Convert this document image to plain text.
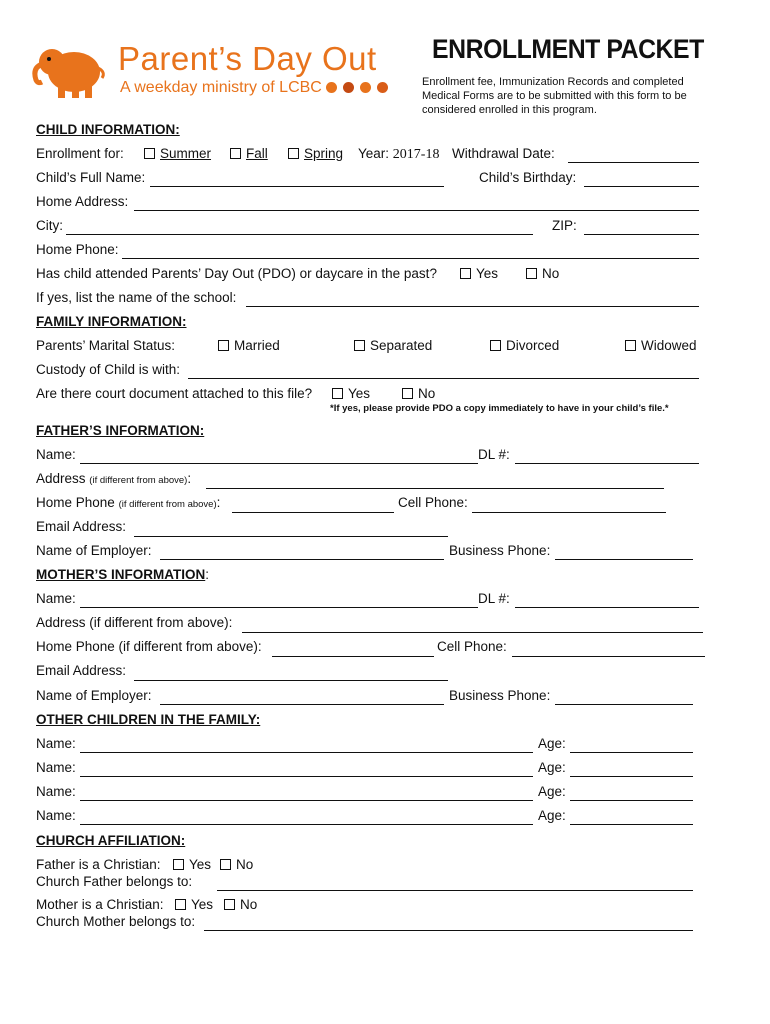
Parent’s Day Out
A weekday ministry of LCBC
ENROLLMENT PACKET
Enrollment fee, Immunization Records and completed Medical Forms are to be submitted with this form to be considered enrolled in this program.
CHILD INFORMATION:
Enrollment for:	Summer	Fall	Spring Year: 2017-18 Withdrawal Date:
Child’s Full Name:	Child’s Birthday:
Home Address:
City:	ZIP:
Home Phone:
Has child attended Parents’ Day Out (PDO) or daycare in the past?	Yes	No
If yes, list the name of the school:
FAMILY INFORMATION:
Parents’ Marital Status:	Married	Separated	Divorced	Widowed
Custody of Child is with:
Are there court document attached to this file?	Yes	No
*If yes, please provide PDO a copy immediately to have in your child’s file.*
FATHER’S INFORMATION:
Name:	DL #:
Address (if different from above):
Home Phone (if different from above):	Cell Phone:
Email Address:
Name of Employer:	Business Phone:
MOTHER’S INFORMATION:
Name:	DL #:
Address (if different from above):
Home Phone (if different from above):	Cell Phone:
Email Address:
Name of Employer:	Business Phone:
OTHER CHILDREN IN THE FAMILY:
Name:	Age:
Name:	Age:
Name:	Age:
Name:	Age:
CHURCH AFFILIATION:
Father is a Christian:	Yes	No
Church Father belongs to:
Mother is a Christian:	Yes	No
Church Mother belongs to:
